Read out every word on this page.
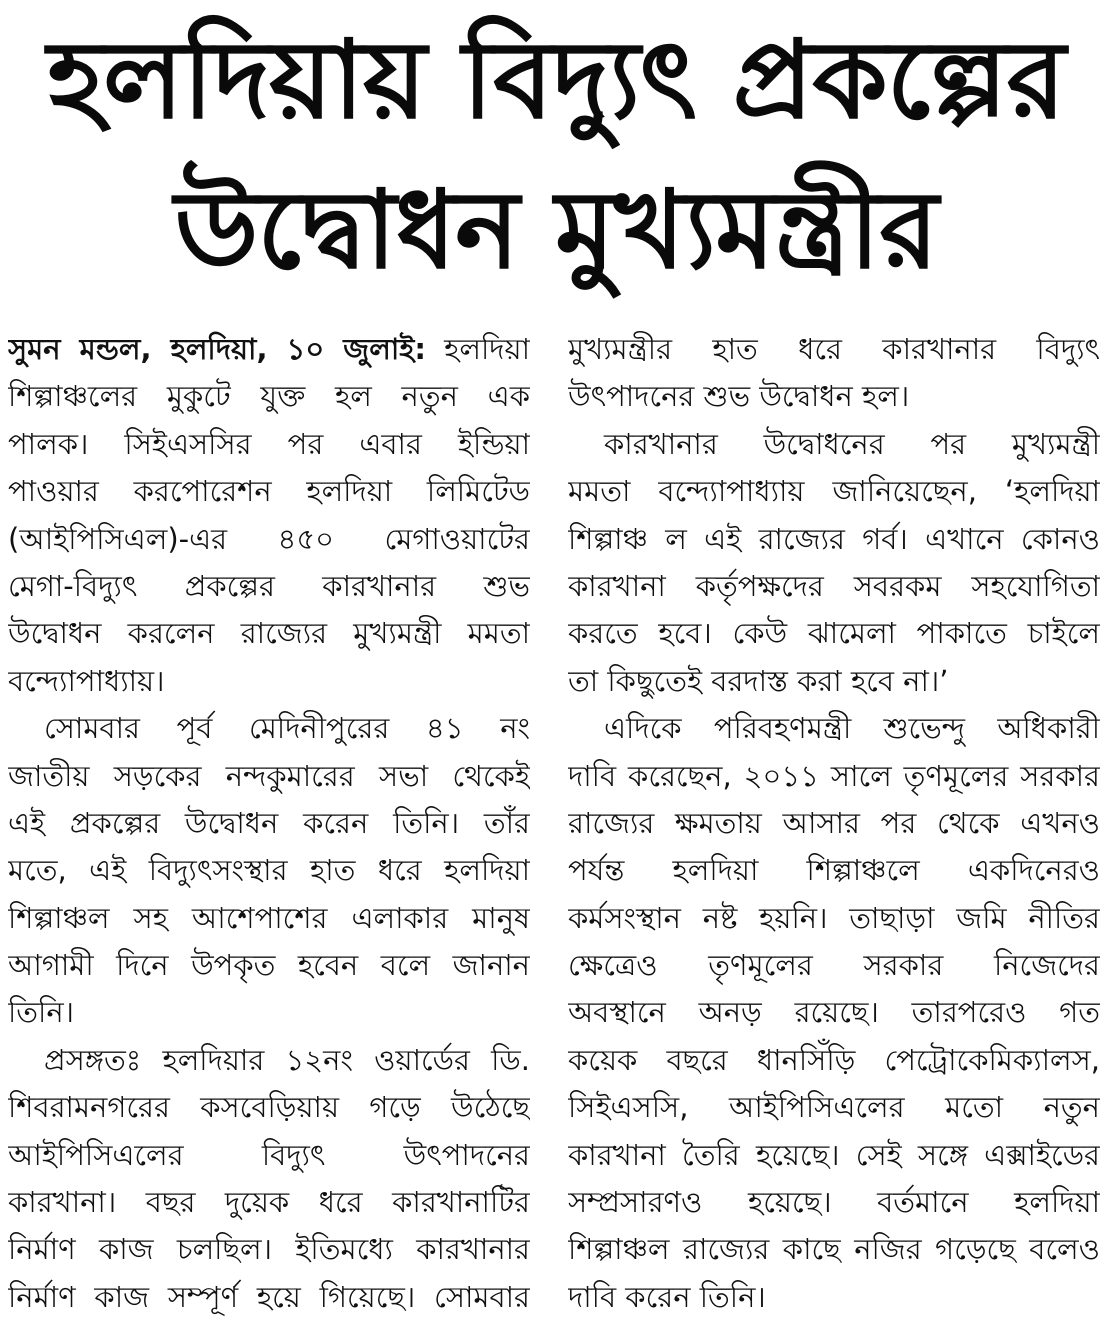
হলদিয়ায় বিদ্যুৎ প্রকল্পের
উদ্বোধন মুখ্যমন্ত্রীর
সুমন মন্ডল, হলদিয়া, ১০ জুলাই: হলদিয়া
শিল্পাঞ্চলের মুকুটে যুক্ত হল নতুন এক
পালক। সিইএসসির পর এবার ইন্ডিয়া
পাওয়ার করপোরেশন হলদিয়া লিমিটেড
(আইপিসিএল)-এর ৪৫০ মেগাওয়াটের
মেগা-বিদ্যুৎ প্রকল্পের কারখানার শুভ
উদ্বোধন করলেন রাজ্যের মুখ্যমন্ত্রী মমতা
বন্দ্যোপাধ্যায়।
সোমবার পূর্ব মেদিনীপুরের ৪১ নং
জাতীয় সড়কের নন্দকুমারের সভা থেকেই
এই প্রকল্পের উদ্বোধন করেন তিনি। তাঁর
মতে, এই বিদ্যুৎসংস্থার হাত ধরে হলদিয়া
শিল্পাঞ্চল সহ আশেপাশের এলাকার মানুষ
আগামী দিনে উপকৃত হবেন বলে জানান
তিনি।
প্রসঙ্গতঃ হলদিয়ার ১২নং ওয়ার্ডের ডি.
শিবরামনগরের কসবেড়িয়ায় গড়ে উঠেছে
আইপিসিএলের বিদ্যুৎ উৎপাদনের
কারখানা। বছর দুয়েক ধরে কারখানাটির
নির্মাণ কাজ চলছিল। ইতিমধ্যে কারখানার
নির্মাণ কাজ সম্পূর্ণ হয়ে গিয়েছে। সোমবার
মুখ্যমন্ত্রীর হাত ধরে কারখানার বিদ্যুৎ
উৎপাদনের শুভ উদ্বোধন হল।
কারখানার উদ্বোধনের পর মুখ্যমন্ত্রী
মমতা বন্দ্যোপাধ্যায় জানিয়েছেন, ‘হলদিয়া
শিল্পাঞ্চ ল এই রাজ্যের গর্ব। এখানে কোনও
কারখানা কর্তৃপক্ষদের সবরকম সহযোগিতা
করতে হবে। কেউ ঝামেলা পাকাতে চাইলে
তা কিছুতেই বরদাস্ত করা হবে না।’
এদিকে পরিবহণমন্ত্রী শুভেন্দু অধিকারী
দাবি করেছেন, ২০১১ সালে তৃণমূলের সরকার
রাজ্যের ক্ষমতায় আসার পর থেকে এখনও
পর্যন্ত হলদিয়া শিল্পাঞ্চলে একদিনেরও
কর্মসংস্থান নষ্ট হয়নি। তাছাড়া জমি নীতির
ক্ষেত্রেও তৃণমূলের সরকার নিজেদের
অবস্থানে অনড় রয়েছে। তারপরেও গত
কয়েক বছরে ধানসিঁড়ি পেট্রোকেমিক্যালস,
সিইএসসি, আইপিসিএলের মতো নতুন
কারখানা তৈরি হয়েছে। সেই সঙ্গে এক্সাইডের
সম্প্রসারণও হয়েছে। বর্তমানে হলদিয়া
শিল্পাঞ্চল রাজ্যের কাছে নজির গড়েছে বলেও
দাবি করেন তিনি।
